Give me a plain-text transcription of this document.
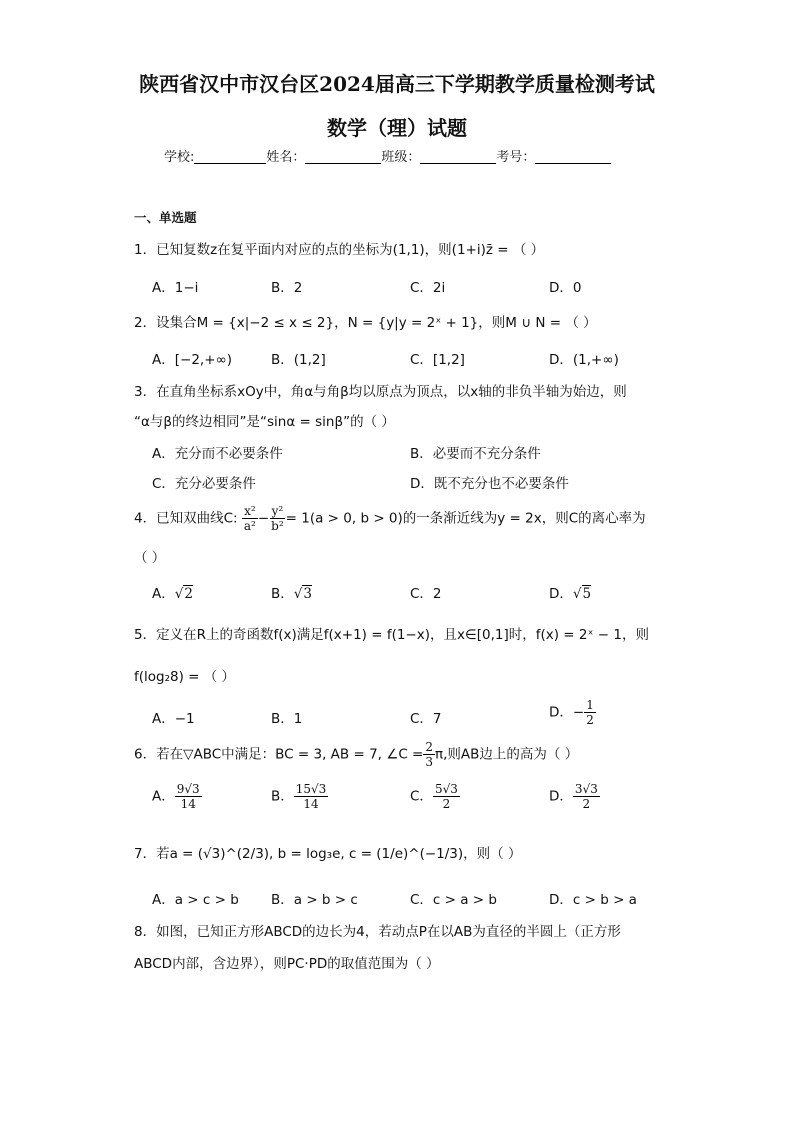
陕西省汉中市汉台区2024届高三下学期教学质量检测考试
数学（理）试题
学校:	姓名：	班级：	考号：
一、单选题
1．已知复数z在复平面内对应的点的坐标为(1,1)，则(1+i)z̄ = （ ）
A．1−i	B．2	C．2i	D．0
2．设集合M = {x|−2 ≤ x ≤ 2}，N = {y|y = 2ˣ + 1}，则M ∪ N = （ ）
A．[−2,+∞)	B．(1,2]	C．[1,2]	D．(1,+∞)
3．在直角坐标系xOy中，角α与角β均以原点为顶点，以x轴的非负半轴为始边，则
“α与β的终边相同”是“sinα = sinβ”的（ ）
A．充分而不必要条件	B．必要而不充分条件
C．充分必要条件	D．既不充分也不必要条件
4．已知双曲线C: $\frac{\text{x²}}{\text{a²}} - \frac{\text{y²}}{\text{b²}} = 1(a > 0$, b > 0)的一条渐近线为y = 2x，则C的离心率为
（ ）
A．√2	B．√3	C．2	D．√5
5．定义在R上的奇函数f(x)满足f(x+1) = f(1−x)，且x∈[0,1]时，f(x) = 2ˣ − 1，则
f(log₂8) = （ ）
A．−1	B．1	C．7	D．− $\frac{1}{2}$
6．若在▽ABC中满足：BC = 3, AB = 7, ∠C = $\frac{2}{3} \pi$,则AB边上的高为（ ）
A． $\frac{9√3}{14}$	B． $\frac{15√3}{14}$	C． $\frac{5√3}{2}$	D． $\frac{3√3}{2}$
7．若a = (√3)^(2/3), b = log₃e, c = (1/e)^(−1/3)，则（ ）
A．a > c > b B．a > b > c	C．c > a > b	D．c > b > a
8．如图，已知正方形ABCD的边长为4，若动点P在以AB为直径的半圆上（正方形
ABCD内部，含边界），则PC·PD的取值范围为（ ）
